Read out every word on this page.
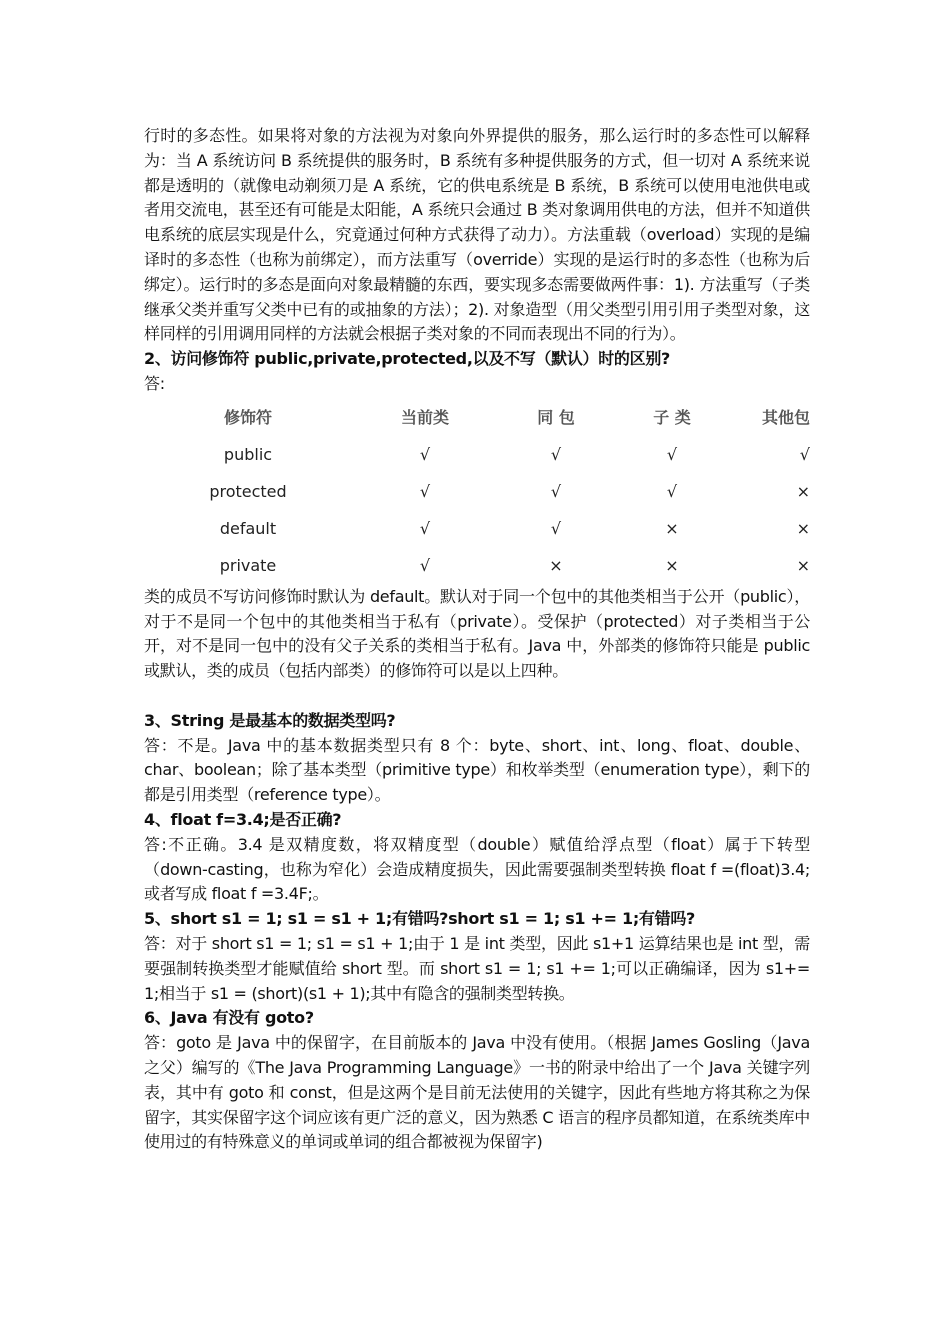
行时的多态性。如果将对象的方法视为对象向外界提供的服务，那么运行时的多态性可以解释为：当 A 系统访问 B 系统提供的服务时，B 系统有多种提供服务的方式，但一切对 A 系统来说都是透明的（就像电动剃须刀是 A 系统，它的供电系统是 B 系统，B 系统可以使用电池供电或者用交流电，甚至还有可能是太阳能，A 系统只会通过 B 类对象调用供电的方法，但并不知道供电系统的底层实现是什么，究竟通过何种方式获得了动力）。方法重载（overload）实现的是编译时的多态性（也称为前绑定），而方法重写（override）实现的是运行时的多态性（也称为后绑定）。运行时的多态是面向对象最精髓的东西，要实现多态需要做两件事：1). 方法重写（子类继承父类并重写父类中已有的或抽象的方法）；2). 对象造型（用父类型引用引用子类型对象，这样同样的引用调用同样的方法就会根据子类对象的不同而表现出不同的行为）。

2、访问修饰符 public,private,protected,以及不写（默认）时的区别?

答:

修饰符	当前类	同 包	子 类	其他包
public	√	√	√	√
protected	√	√	√	×
default	√	√	×	×
private	√	×	×	×

类的成员不写访问修饰时默认为 default。默认对于同一个包中的其他类相当于公开（public），对于不是同一个包中的其他类相当于私有（private）。受保护（protected）对子类相当于公开，对不是同一包中的没有父子关系的类相当于私有。Java 中，外部类的修饰符只能是 public 或默认，类的成员（包括内部类）的修饰符可以是以上四种。

3、String 是最基本的数据类型吗?

答：不是。Java 中的基本数据类型只有 8 个：byte、short、int、long、float、double、char、boolean；除了基本类型（primitive type）和枚举类型（enumeration type），剩下的都是引用类型（reference type）。

4、float f=3.4;是否正确?

答:不正确。3.4 是双精度数，将双精度型（double）赋值给浮点型（float）属于下转型（down-casting，也称为窄化）会造成精度损失，因此需要强制类型转换 float f =(float)3.4; 或者写成 float f =3.4F;。

5、short s1 = 1; s1 = s1 + 1;有错吗?short s1 = 1; s1 += 1;有错吗?

答：对于 short s1 = 1; s1 = s1 + 1;由于 1 是 int 类型，因此 s1+1 运算结果也是 int 型，需要强制转换类型才能赋值给 short 型。而 short s1 = 1; s1 += 1;可以正确编译，因为 s1+= 1;相当于 s1 = (short)(s1 + 1);其中有隐含的强制类型转换。

6、Java 有没有 goto?

答：goto 是 Java 中的保留字，在目前版本的 Java 中没有使用。（根据 James Gosling（Java 之父）编写的《The Java Programming Language》一书的附录中给出了一个 Java 关键字列表，其中有 goto 和 const，但是这两个是目前无法使用的关键字，因此有些地方将其称之为保留字，其实保留字这个词应该有更广泛的意义，因为熟悉 C 语言的程序员都知道，在系统类库中使用过的有特殊意义的单词或单词的组合都被视为保留字)
